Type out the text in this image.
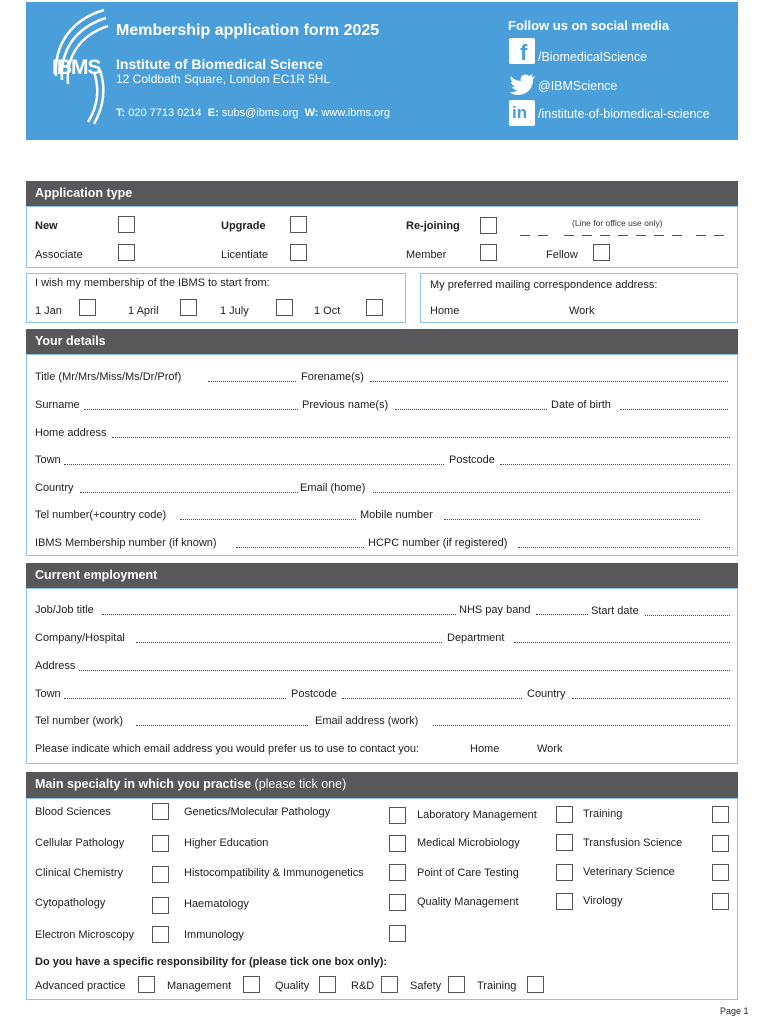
IBMS
Membership application form 2025
Institute of Biomedical Science
12 Coldbath Square, London EC1R 5HL
T: 020 7713 0214 E: subs@ibms.org W: www.ibms.org
Follow us on social media
f /BiomedicalScience
@IBMScience
in /institute-of-biomedical-science
Application type
New	Upgrade	Re-joining	(Line for office use only)
Associate	Licentiate	Member	Fellow
I wish my membership of the IBMS to start from:
1 Jan	1 April	1 July	1 Oct
My preferred mailing correspondence address:
Home	Work
Your details
Title (Mr/Mrs/Miss/Ms/Dr/Prof)	Forename(s)
Surname	Previous name(s)	Date of birth
Home address
Town	Postcode
Country	Email (home)
Tel number(+country code)	Mobile number
IBMS Membership number (if known)	HCPC number (if registered)
Current employment
Job/Job title	NHS pay band	Start date
Company/Hospital	Department
Address
Town	Postcode	Country
Tel number (work)	Email address (work)
Please indicate which email address you would prefer us to use to contact you:	Home	Work
Main specialty in which you practise (please tick one)
Blood Sciences
Cellular Pathology
Clinical Chemistry
Cytopathology
Electron Microscopy
Genetics/Molecular Pathology
Higher Education
Histocompatibility & Immunogenetics
Haematology
Immunology
Laboratory Management
Medical Microbiology
Point of Care Testing
Quality Management
Training
Transfusion Science
Veterinary Science
Virology
Do you have a specific responsibility for (please tick one box only):
Advanced practice	Management	Quality	R&D	Safety	Training
Page 1
